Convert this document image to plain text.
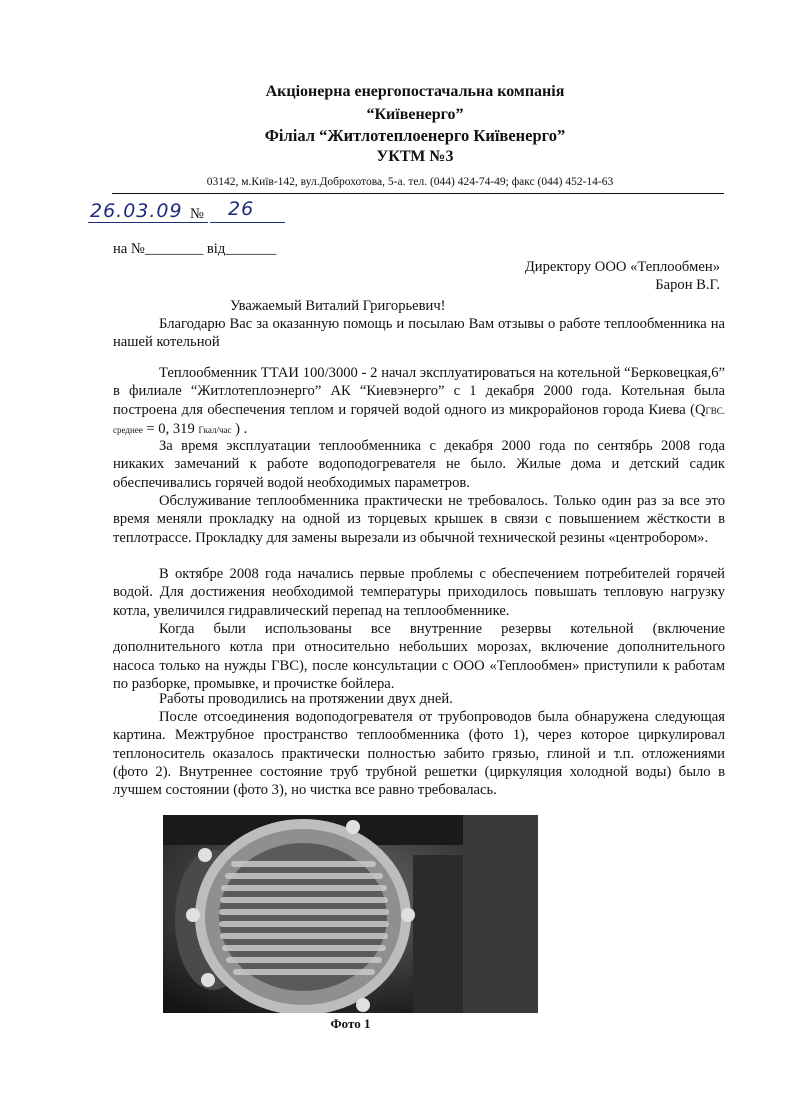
Акціонерна енергопостачальна компанія
“Київенерго”
Філіал “Житлотеплоенерго Київенерго”
УКТМ №3
03142, м.Київ-142, вул.Доброхотова, 5-а. тел. (044) 424-74-49; факс (044) 452-14-63
26.03.09 № 26
на №________ від_______
Директору ООО «Теплообмен»
Барон В.Г.
Уважаемый Виталий Григорьевич!

Благодарю Вас за оказанную помощь и посылаю Вам отзывы о работе теплообменника на нашей котельной

Теплообменник ТТАИ 100/3000 - 2 начал эксплуатироваться на котельной “Берковецкая,6” в филиале “Житлотеплоэнерго” АК “Киевэнерго” с 1 декабря 2000 года. Котельная была построена для обеспечения теплом и горячей водой одного из микрорайонов города Киева (QГВС. среднее = 0, 319 Гкал/час ) .

За время эксплуатации теплообменника с декабря 2000 года по сентябрь 2008 года никаких замечаний к работе водоподогревателя не было. Жилые дома и детский садик обеспечивались горячей водой необходимых параметров.

Обслуживание теплообменника практически не требовалось. Только один раз за все это время меняли прокладку на одной из торцевых крышек в связи с повышением жёсткости в теплотрассе. Прокладку для замены вырезали из обычной технической резины «центробором».

В октябре 2008 года начались первые проблемы с обеспечением потребителей горячей водой. Для достижения необходимой температуры приходилось повышать тепловую нагрузку котла, увеличился гидравлический перепад на теплообменнике.

Когда были использованы все внутренние резервы котельной (включение дополнительного котла при относительно небольших морозах, включение дополнительного насоса только на нужды ГВС), после консультации с ООО «Теплообмен» приступили к работам по разборке, промывке, и прочистке бойлера.

Работы проводились на протяжении двух дней.

После отсоединения водоподогревателя от трубопроводов была обнаружена следующая картина. Межтрубное пространство теплообменника (фото 1), через которое циркулировал теплоноситель оказалось практически полностью забито грязью, глиной и т.п. отложениями (фото 2). Внутреннее состояние труб трубной решетки (циркуляция холодной воды) было в лучшем состоянии (фото 3), но чистка все равно требовалась.

Фото 1
